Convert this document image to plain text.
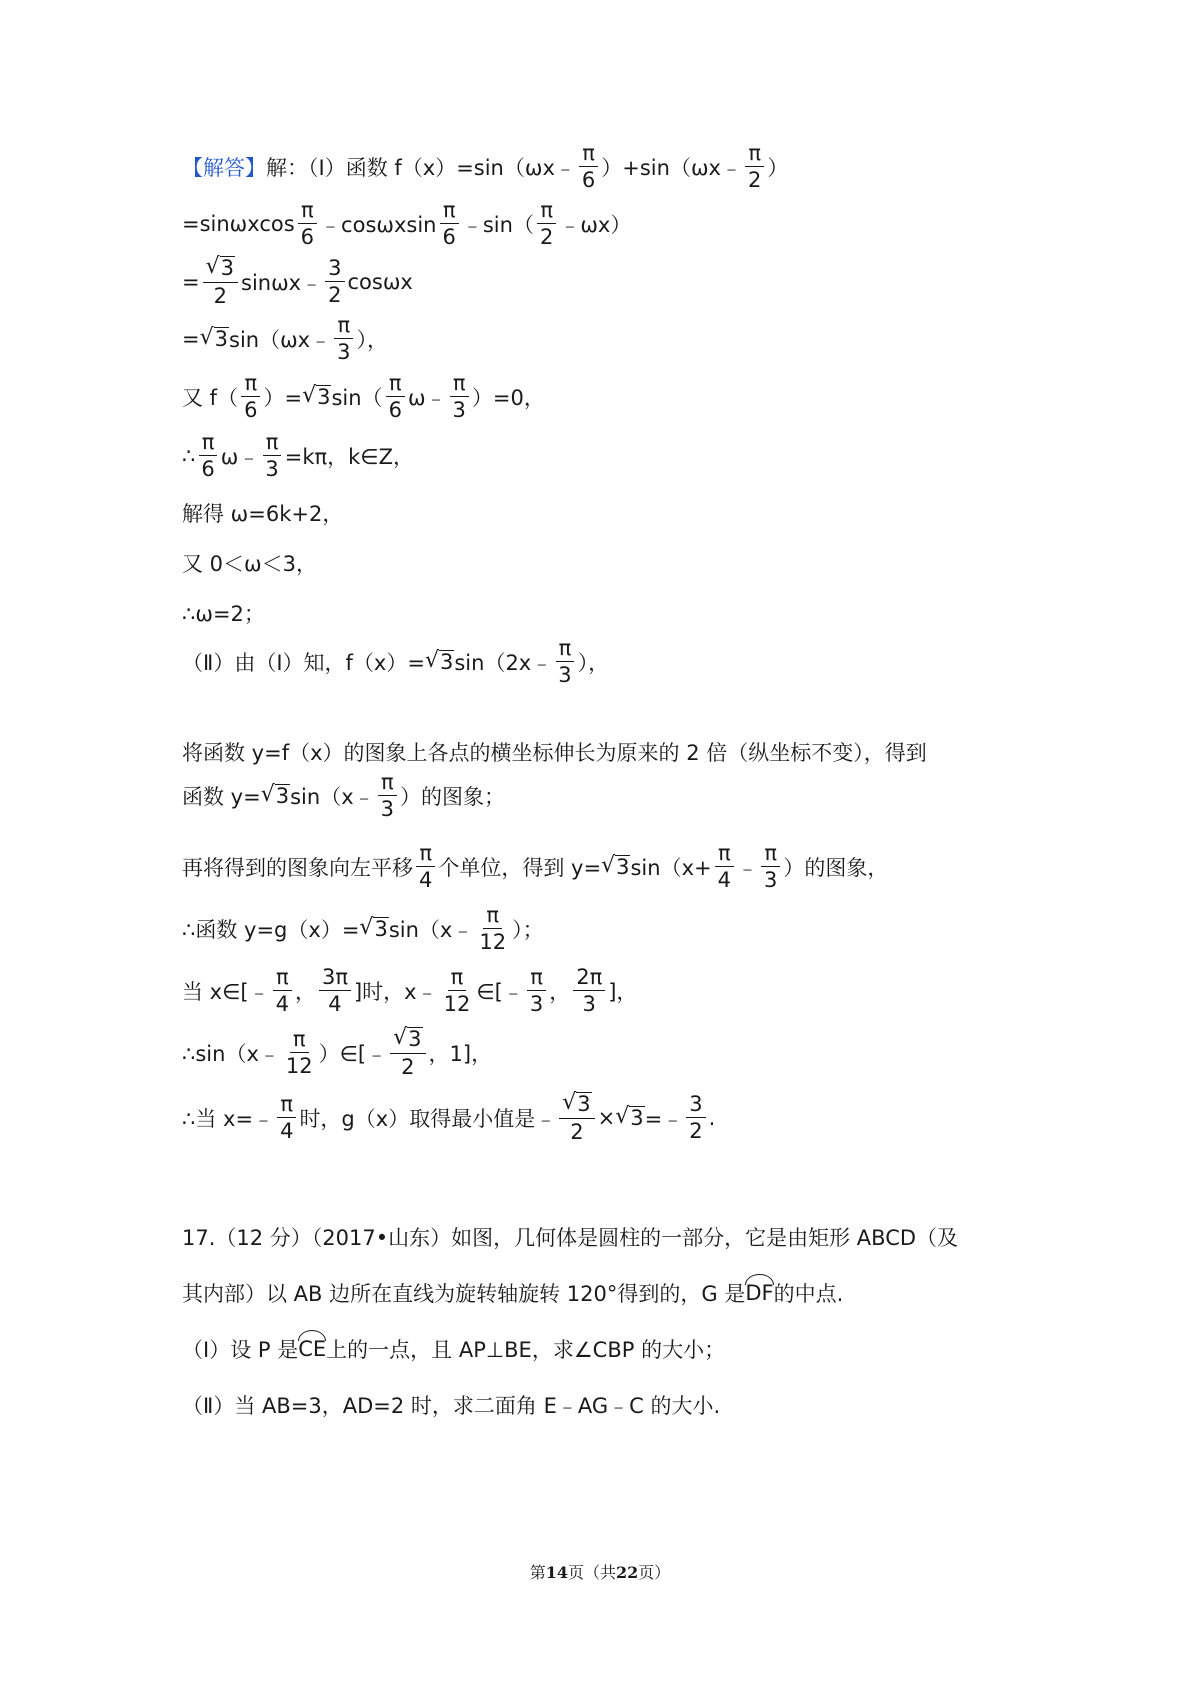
【解答】 解：（Ⅰ）函数 f（x）=sin（ωx﹣ $\frac{\pi}{6}$ ）+sin（ωx﹣ $\frac{\pi}{2}$ ）
$=\sin\omega xcos \frac{\pi}{6}$ ﹣cosωxsin $\frac{\pi}{6}$ ﹣sin（ $\frac{\pi}{2}$ ﹣ωx）
= $\frac{√ 3}{2}$ sinωx﹣ $\frac{3}{2}$ cosωx
= √ 3 sin（ωx﹣ $\frac{\pi}{3}$ ），
又 $f( \frac{\pi}{6}$ ）= √ 3 $\sin( \frac{\pi}{6}$ ω﹣ $\frac{\pi}{3} )=0$，
∴ $\frac{\pi}{6}$ ω﹣ $\frac{\pi}{3} =k\pi$，k∈Z，
解得 ω=6k+2，
又 0＜ω＜3，
∴ω=2；
（Ⅱ）由（Ⅰ）知，f（x）= √ 3 sin（2x﹣ $\frac{\pi}{3}$ ），
将函数 y=f（x）的图象上各点的横坐标伸长为原来的 2 倍（纵坐标不变），得到
函数 y= √ 3 sin（x﹣ $\frac{\pi}{3}$ ）的图象；
再将得到的图象向左平移 $\frac{\pi}{4}$ 个单位，得到 y= √ 3 $\sin(x+ \frac{\pi}{4}$ ﹣ $\frac{\pi}{3}$ ）的图象，
∴函数 y=g（x）= √ 3 sin（x﹣ $\frac{\pi}{12}$ ）；
当 x∈[﹣ $\frac{\pi}{4}$ ， $\frac{3\pi}{4}$ ]时，x﹣ $\frac{\pi}{12}$ ∈[﹣ $\frac{\pi}{3}$ ， $\frac{2\pi}{3}$ ]，
∴sin（x﹣ $\frac{\pi}{12}$ ）∈[﹣ $\frac{√ 3}{2}$ ，1]，
∴当 x=﹣ $\frac{\pi}{4}$ 时，g（x）取得最小值是﹣ $\frac{√ 3}{2}$ × √ 3 =﹣ $\frac{3}{2}$ .
17.（12 分）（2017•山东）如图，几何体是圆柱的一部分，它是由矩形 ABCD（及
其内部）以 AB 边所在直线为旋转轴旋转 120°得到的，G 是 DF 的中点.
（Ⅰ）设 P 是 CE 上的一点，且 AP⊥BE，求∠CBP 的大小；
（Ⅱ）当 AB=3，AD=2 时，求二面角 E﹣AG﹣C 的大小.
第14页（共22页）
